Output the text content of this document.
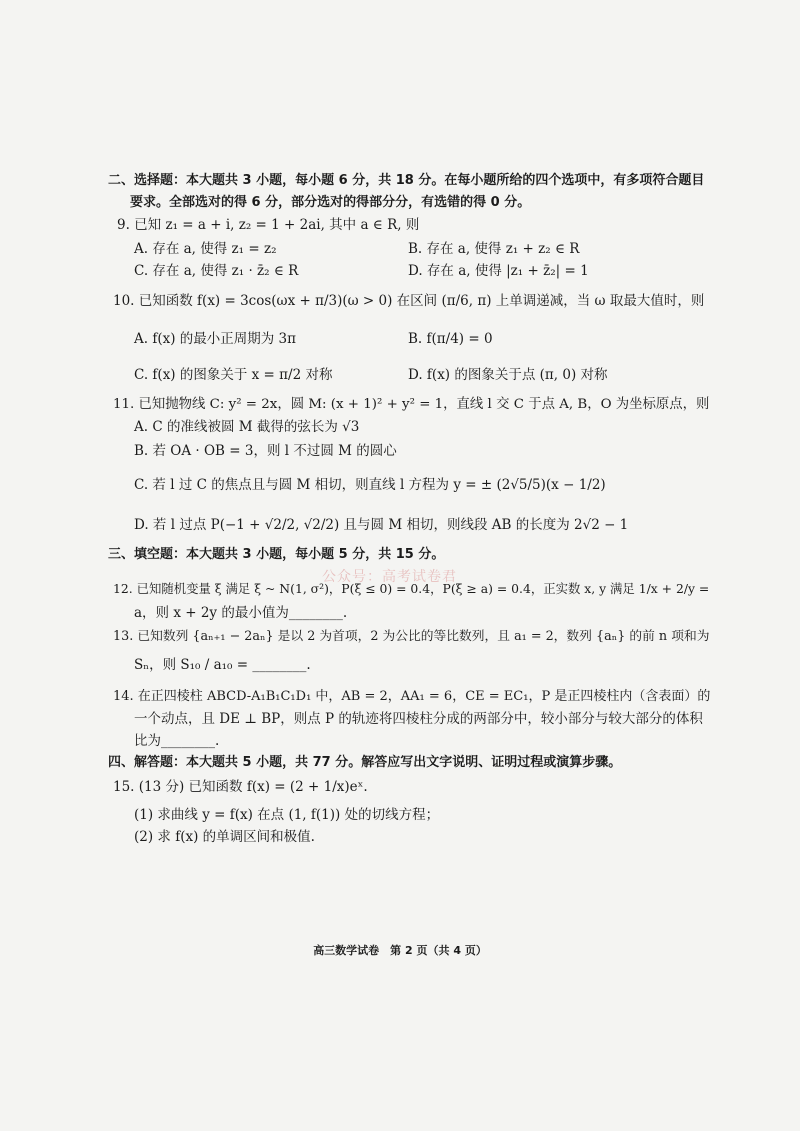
二、选择题：本大题共 3 小题，每小题 6 分，共 18 分。在每小题所给的四个选项中，有多项符合题目
要求。全部选对的得 6 分，部分选对的得部分分，有选错的得 0 分。
9. 已知 z₁ = a + i, z₂ = 1 + 2ai, 其中 a ∈ R, 则
A. 存在 a, 使得 z₁ = z₂	B. 存在 a, 使得 z₁ + z₂ ∈ R
C. 存在 a, 使得 z₁ · z̄₂ ∈ R	D. 存在 a, 使得 |z₁ + z̄₂| = 1
10. 已知函数 f(x) = 3cos(ωx + π/3)(ω > 0) 在区间 (π/6, π) 上单调递减，当 ω 取最大值时，则
A. f(x) 的最小正周期为 3π	B. f(π/4) = 0
C. f(x) 的图象关于 x = π/2 对称	D. f(x) 的图象关于点 (π, 0) 对称
11. 已知抛物线 C: y² = 2x，圆 M: (x + 1)² + y² = 1，直线 l 交 C 于点 A, B，O 为坐标原点，则
A. C 的准线被圆 M 截得的弦长为 √3
B. 若 OA · OB = 3，则 l 不过圆 M 的圆心
C. 若 l 过 C 的焦点且与圆 M 相切，则直线 l 方程为 y = ± (2√5/5)(x − 1/2)
D. 若 l 过点 P(−1 + √2/2, √2/2) 且与圆 M 相切，则线段 AB 的长度为 2√2 − 1
三、填空题：本大题共 3 小题，每小题 5 分，共 15 分。
公众号：高考试卷君
12. 已知随机变量 ξ 满足 ξ ~ N(1, σ²)，P(ξ ≤ 0) = 0.4，P(ξ ≥ a) = 0.4，正实数 x, y 满足 1/x + 2/y =
a，则 x + 2y 的最小值为________.
13. 已知数列 {aₙ₊₁ − 2aₙ} 是以 2 为首项，2 为公比的等比数列，且 a₁ = 2，数列 {aₙ} 的前 n 项和为
Sₙ，则 S₁₀ / a₁₀ = ________.
14. 在正四棱柱 ABCD-A₁B₁C₁D₁ 中，AB = 2，AA₁ = 6，CE = EC₁，P 是正四棱柱内（含表面）的
一个动点，且 DE ⊥ BP，则点 P 的轨迹将四棱柱分成的两部分中，较小部分与较大部分的体积
比为________.
四、解答题：本大题共 5 小题，共 77 分。解答应写出文字说明、证明过程或演算步骤。
15. (13 分) 已知函数 f(x) = (2 + 1/x)eˣ.
(1) 求曲线 y = f(x) 在点 (1, f(1)) 处的切线方程；
(2) 求 f(x) 的单调区间和极值.
高三数学试卷　第 2 页（共 4 页）
